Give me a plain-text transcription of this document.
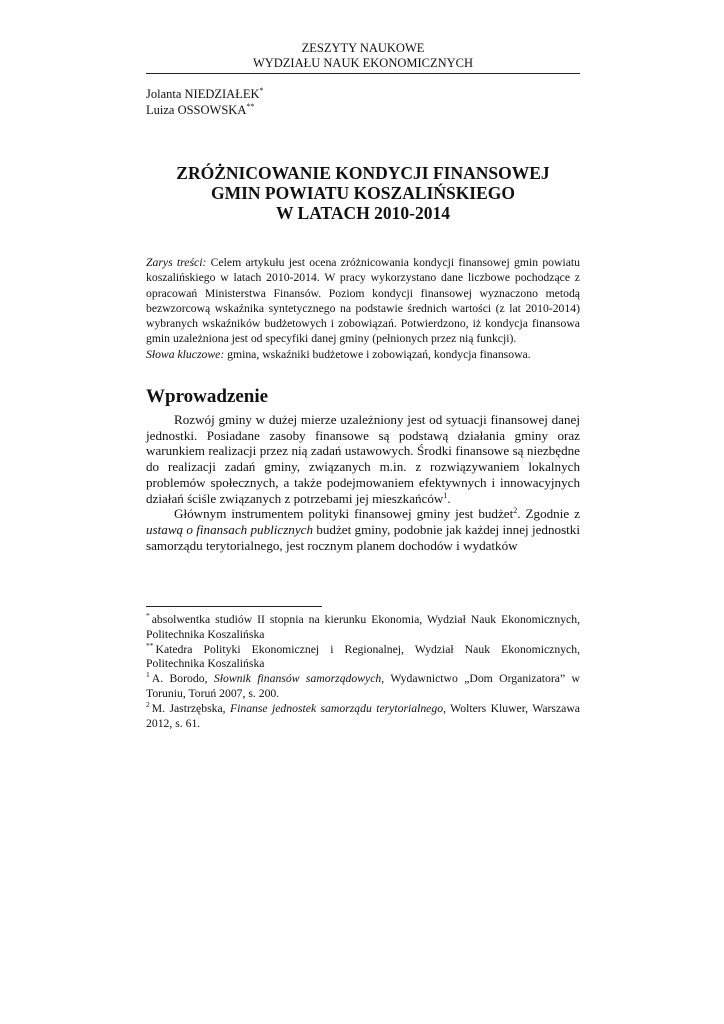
ZESZYTY NAUKOWE
WYDZIAŁU NAUK EKONOMICZNYCH
Jolanta NIEDZIAŁEK*
Luiza OSSOWSKA**
ZRÓŻNICOWANIE KONDYCJI FINANSOWEJ
GMIN POWIATU KOSZALIŃSKIEGO
W LATACH 2010-2014

Zarys treści: Celem artykułu jest ocena zróżnicowania kondycji finansowej gmin powiatu koszalińskiego w latach 2010-2014. W pracy wykorzystano dane liczbowe pochodzące z opracowań Ministerstwa Finansów. Poziom kondycji finansowej wyznaczono metodą bezwzorcową wskaźnika syntetycznego na podstawie średnich wartości (z lat 2010-2014) wybranych wskaźników budżetowych i zobowiązań. Potwierdzono, iż kondycja finansowa gmin uzależniona jest od specyfiki danej gminy (pełnionych przez nią funkcji).

Słowa kluczowe: gmina, wskaźniki budżetowe i zobowiązań, kondycja finansowa.

Wprowadzenie

Rozwój gminy w dużej mierze uzależniony jest od sytuacji finansowej danej jednostki. Posiadane zasoby finansowe są podstawą działania gminy oraz warunkiem realizacji przez nią zadań ustawowych. Środki finansowe są niezbędne do realizacji zadań gminy, związanych m.in. z rozwiązywaniem lokalnych problemów społecznych, a także podejmowaniem efektywnych i innowacyjnych działań ściśle związanych z potrzebami jej mieszkańców$^1$.

Głównym instrumentem polityki finansowej gminy jest budżet$^2$. Zgodnie z ustawą o finansach publicznych budżet gminy, podobnie jak każdej innej jednostki samorządu terytorialnego, jest rocznym planem dochodów i wydatków

* absolwentka studiów II stopnia na kierunku Ekonomia, Wydział Nauk Ekonomicznych, Politechnika Koszalińska

** Katedra Polityki Ekonomicznej i Regionalnej, Wydział Nauk Ekonomicznych, Politechnika Koszalińska

$^1$ A. Borodo, Słownik finansów samorządowych, Wydawnictwo „Dom Organizatora” w Toruniu, Toruń 2007, s. 200.

$^2$ M. Jastrzębska, Finanse jednostek samorządu terytorialnego, Wolters Kluwer, Warszawa 2012, s. 61.
